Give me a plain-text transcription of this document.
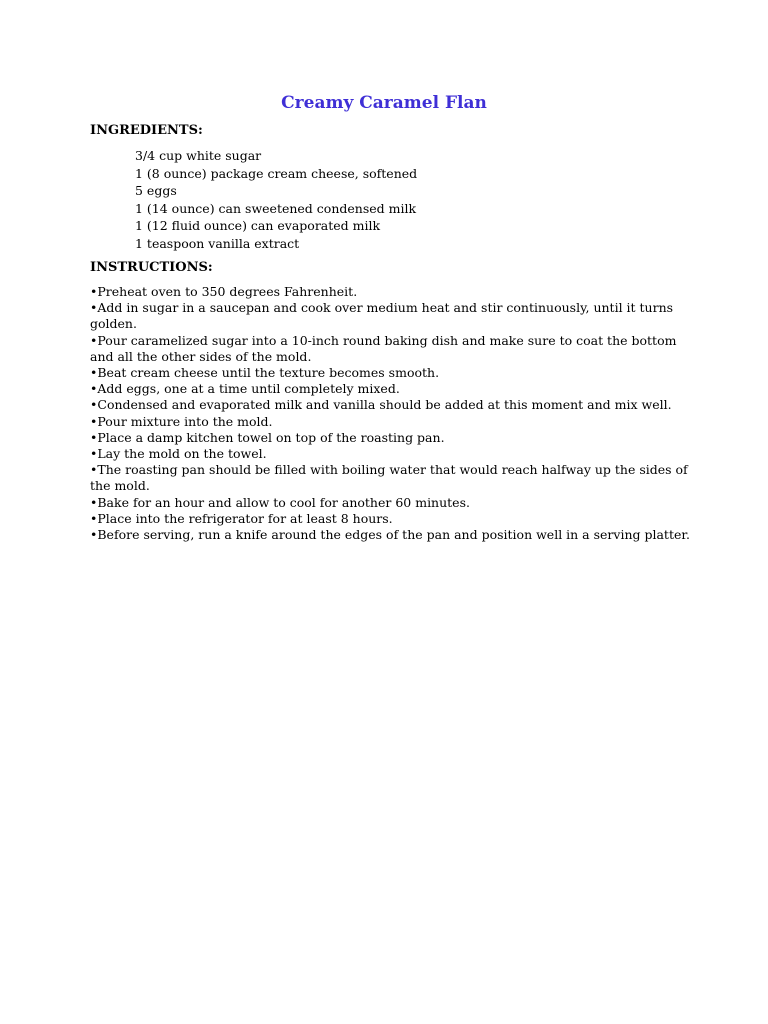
Creamy Caramel Flan
INGREDIENTS:
3/4 cup white sugar
1 (8 ounce) package cream cheese, softened
5 eggs
1 (14 ounce) can sweetened condensed milk
1 (12 fluid ounce) can evaporated milk
1 teaspoon vanilla extract
INSTRUCTIONS:
• Preheat oven to 350 degrees Fahrenheit.
• Add in sugar in a saucepan and cook over medium heat and stir continuously, until it turns golden.
• Pour caramelized sugar into a 10-inch round baking dish and make sure to coat the bottom and all the other sides of the mold.
• Beat cream cheese until the texture becomes smooth.
• Add eggs, one at a time until completely mixed.
• Condensed and evaporated milk and vanilla should be added at this moment and mix well.
• Pour mixture into the mold.
• Place a damp kitchen towel on top of the roasting pan.
• Lay the mold on the towel.
• The roasting pan should be filled with boiling water that would reach halfway up the sides of the mold.
• Bake for an hour and allow to cool for another 60 minutes.
• Place into the refrigerator for at least 8 hours.
• Before serving, run a knife around the edges of the pan and position well in a serving platter.
